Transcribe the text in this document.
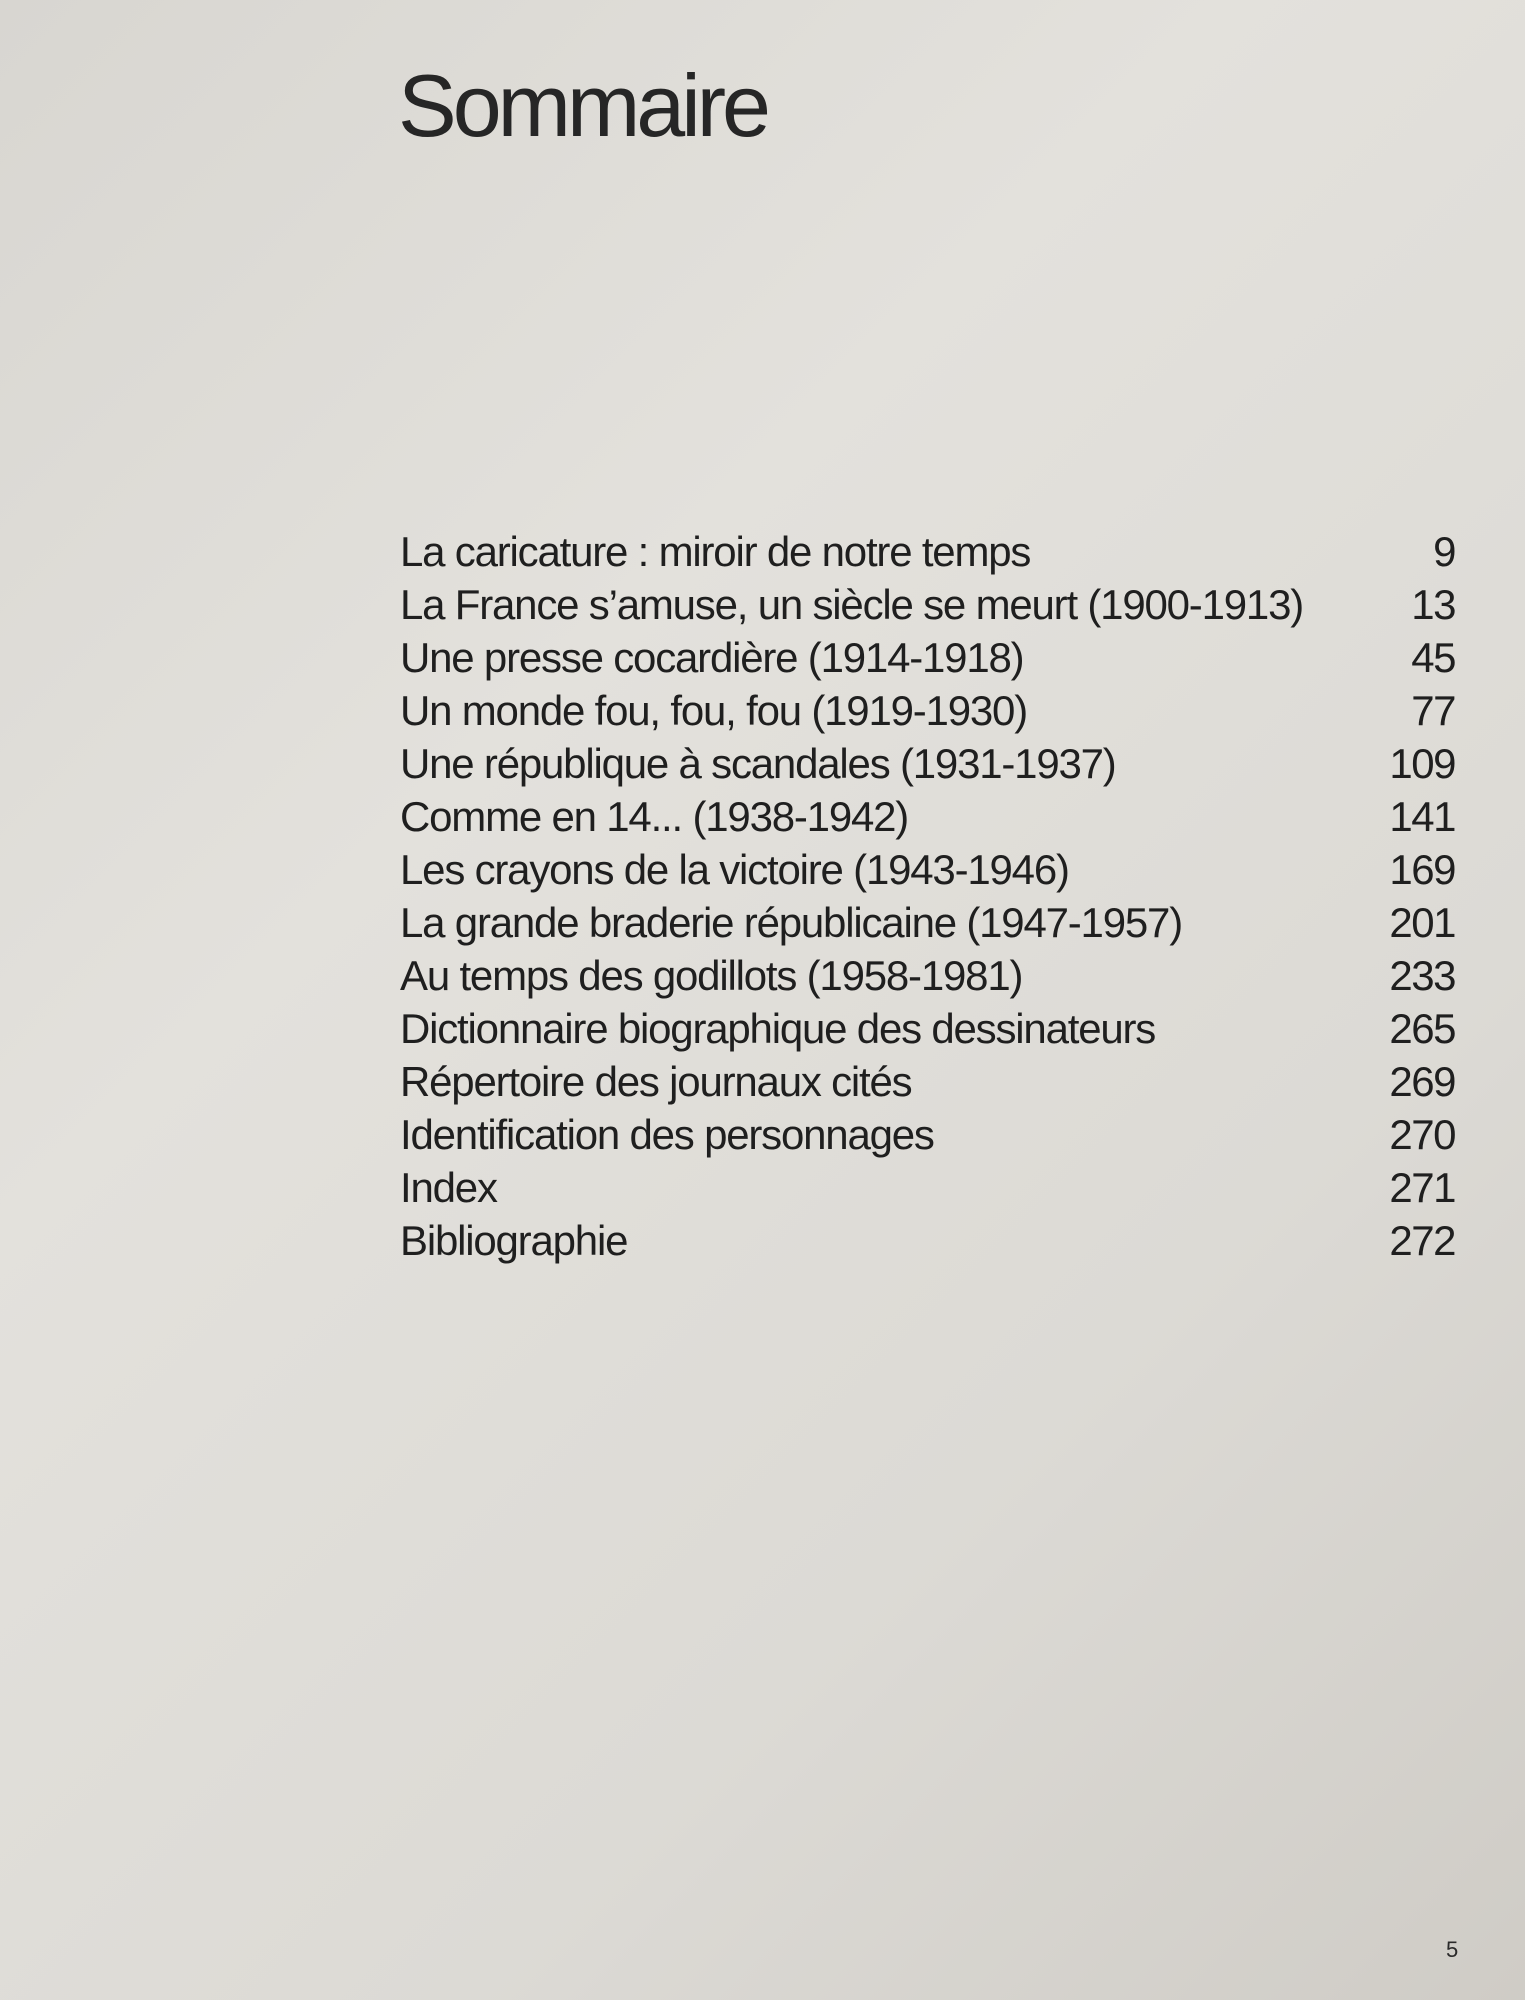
Sommaire
La caricature : miroir de notre temps	9
La France s’amuse, un siècle se meurt (1900-1913)	13
Une presse cocardière (1914-1918)	45
Un monde fou, fou, fou (1919-1930)	77
Une république à scandales (1931-1937)	109
Comme en 14... (1938-1942)	141
Les crayons de la victoire (1943-1946)	169
La grande braderie républicaine (1947-1957)	201
Au temps des godillots (1958-1981)	233
Dictionnaire biographique des dessinateurs	265
Répertoire des journaux cités	269
Identification des personnages	270
Index	271
Bibliographie	272
5
